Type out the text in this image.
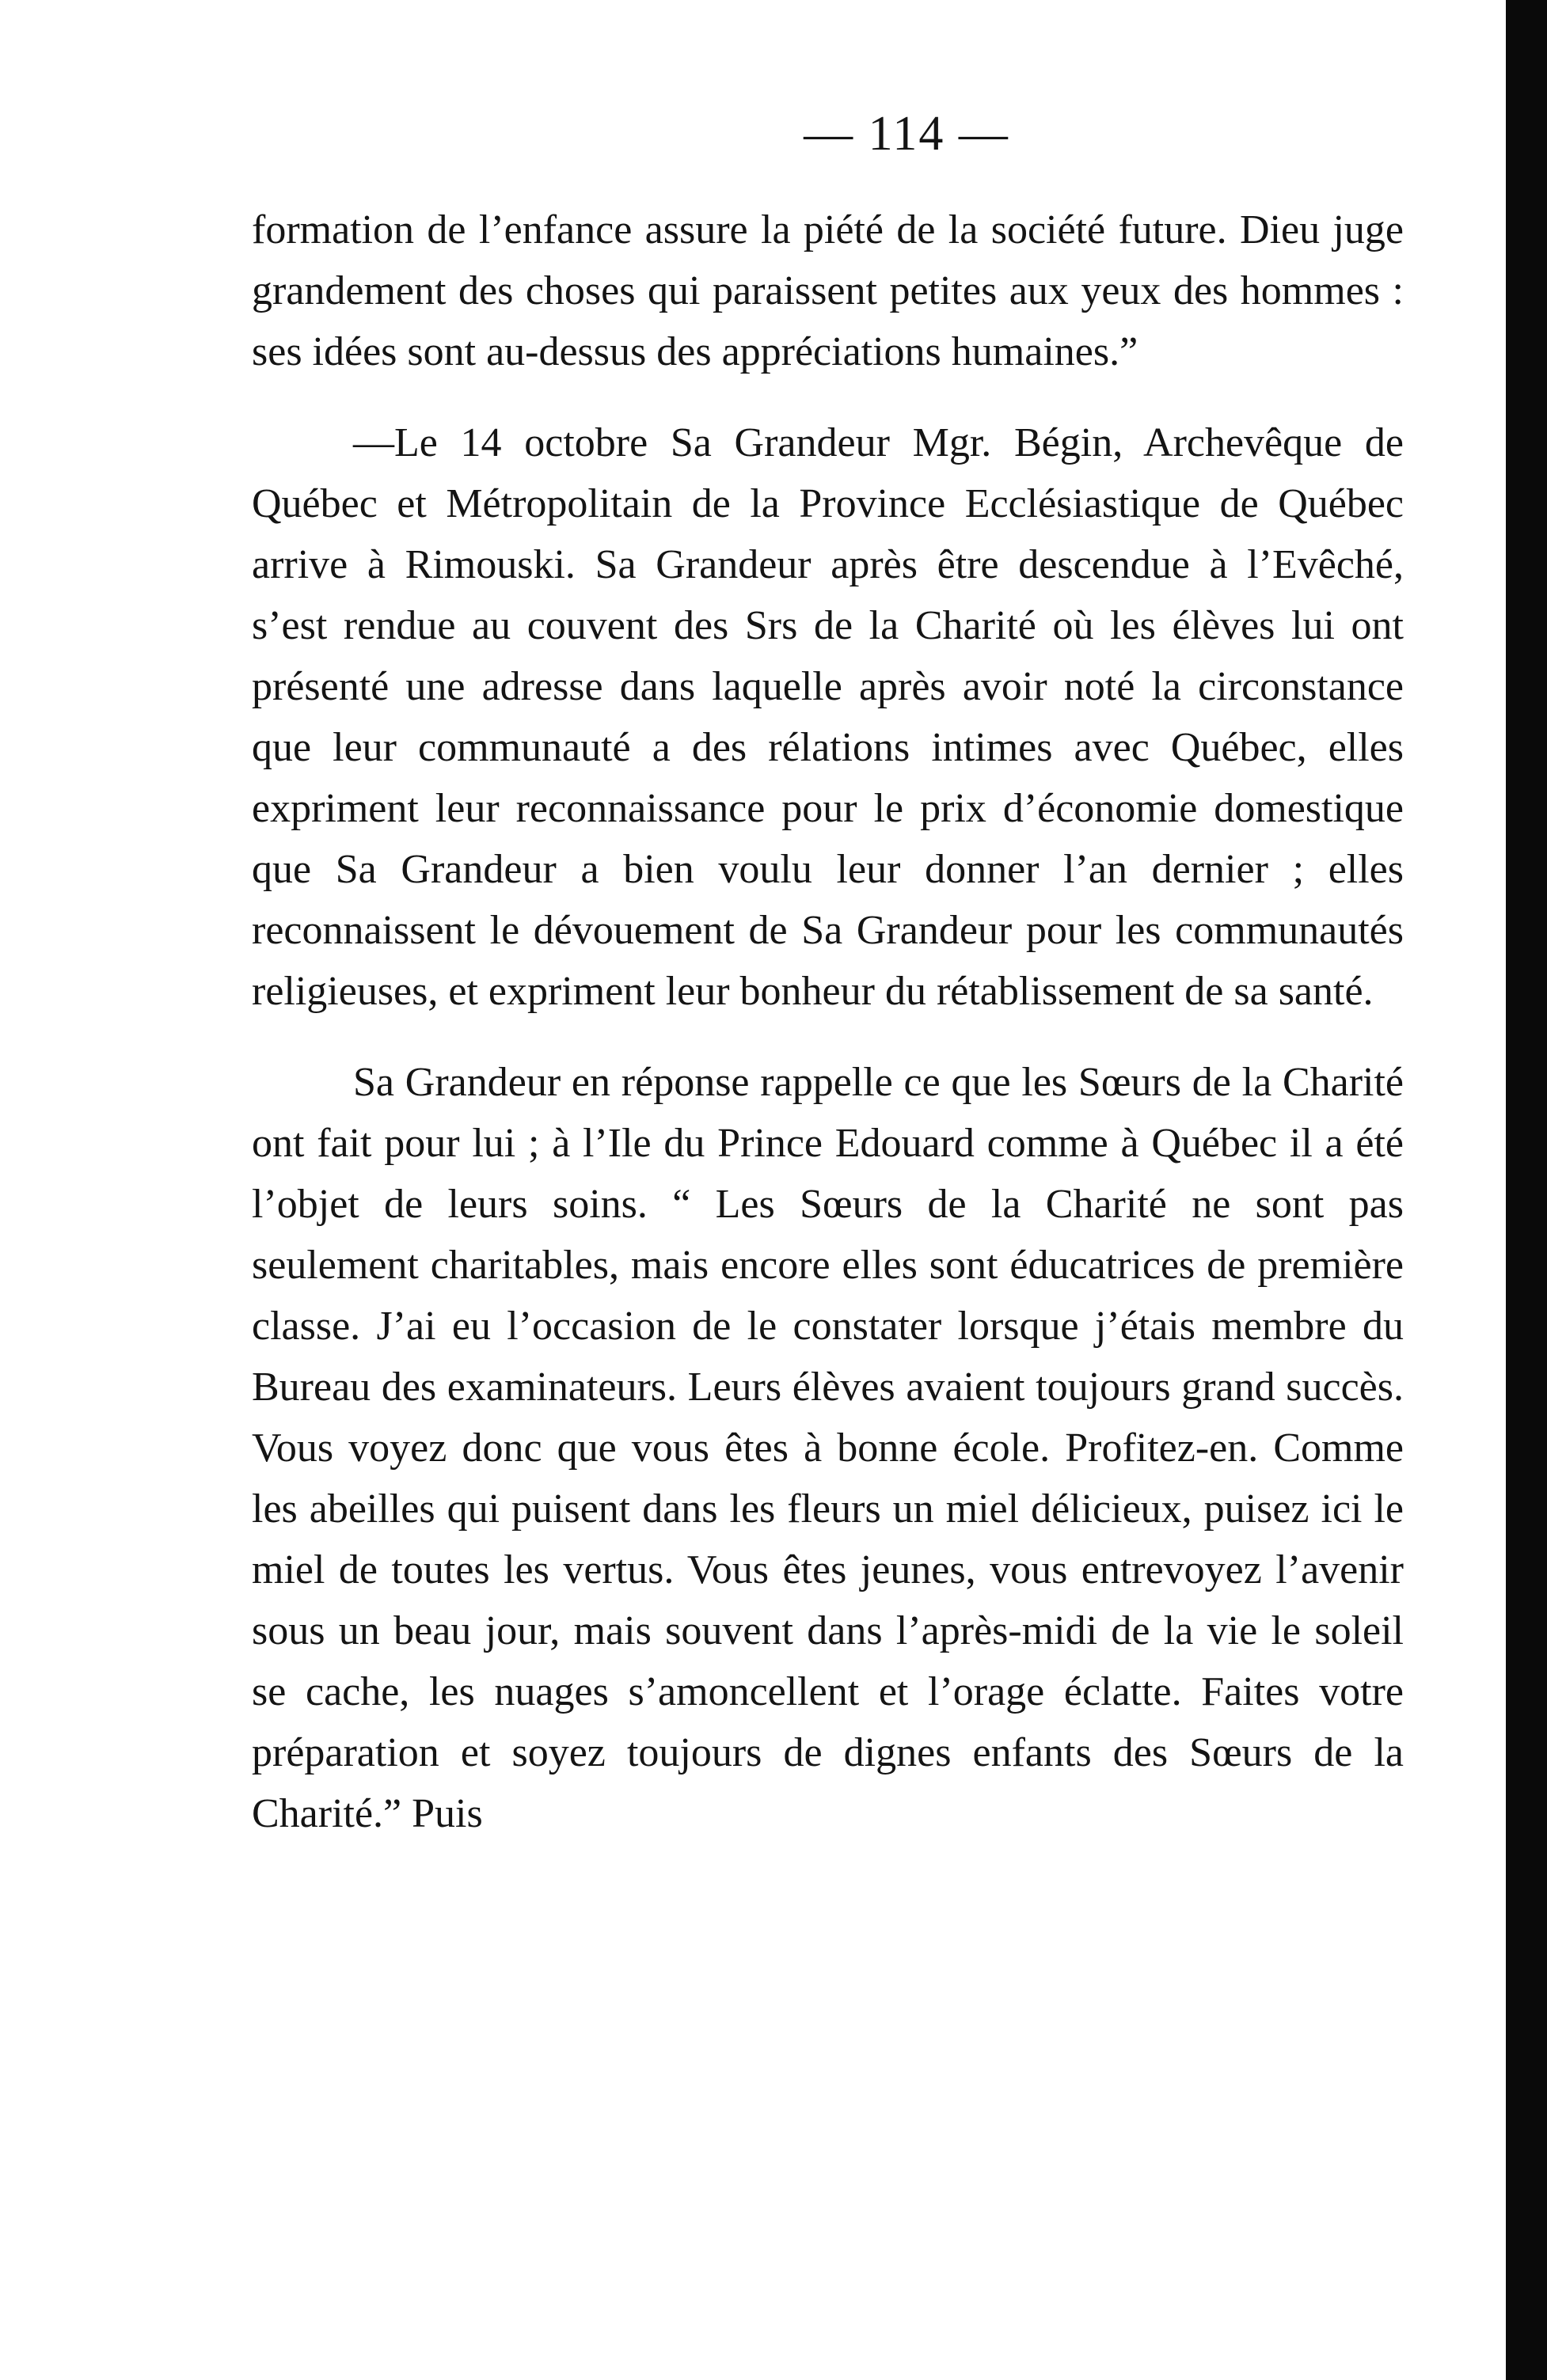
— 114 —

formation de l’enfance assure la piété de la société future. Dieu juge grandement des choses qui paraissent petites aux yeux des hommes : ses idées sont au-dessus des appréciations humaines.”

—Le 14 octobre Sa Grandeur Mgr. Bégin, Archevêque de Québec et Métropolitain de la Province Ecclésiastique de Québec arrive à Rimouski. Sa Grandeur après être descendue à l’Evêché, s’est rendue au couvent des Srs de la Charité où les élèves lui ont présenté une adresse dans laquelle après avoir noté la circonstance que leur communauté a des rélations intimes avec Québec, elles expriment leur reconnaissance pour le prix d’économie domestique que Sa Grandeur a bien voulu leur donner l’an dernier ; elles reconnaissent le dévouement de Sa Grandeur pour les communautés religieuses, et expriment leur bonheur du rétablissement de sa santé.

Sa Grandeur en réponse rappelle ce que les Sœurs de la Charité ont fait pour lui ; à l’Ile du Prince Edouard comme à Québec il a été l’objet de leurs soins. “ Les Sœurs de la Charité ne sont pas seulement charitables, mais encore elles sont éducatrices de première classe. J’ai eu l’occasion de le constater lorsque j’étais membre du Bureau des examinateurs. Leurs élèves avaient toujours grand succès. Vous voyez donc que vous êtes à bonne école. Profitez-en. Comme les abeilles qui puisent dans les fleurs un miel délicieux, puisez ici le miel de toutes les vertus. Vous êtes jeunes, vous entrevoyez l’avenir sous un beau jour, mais souvent dans l’après-midi de la vie le soleil se cache, les nuages s’amoncellent et l’orage éclatte. Faites votre préparation et soyez toujours de dignes enfants des Sœurs de la Charité.” Puis
